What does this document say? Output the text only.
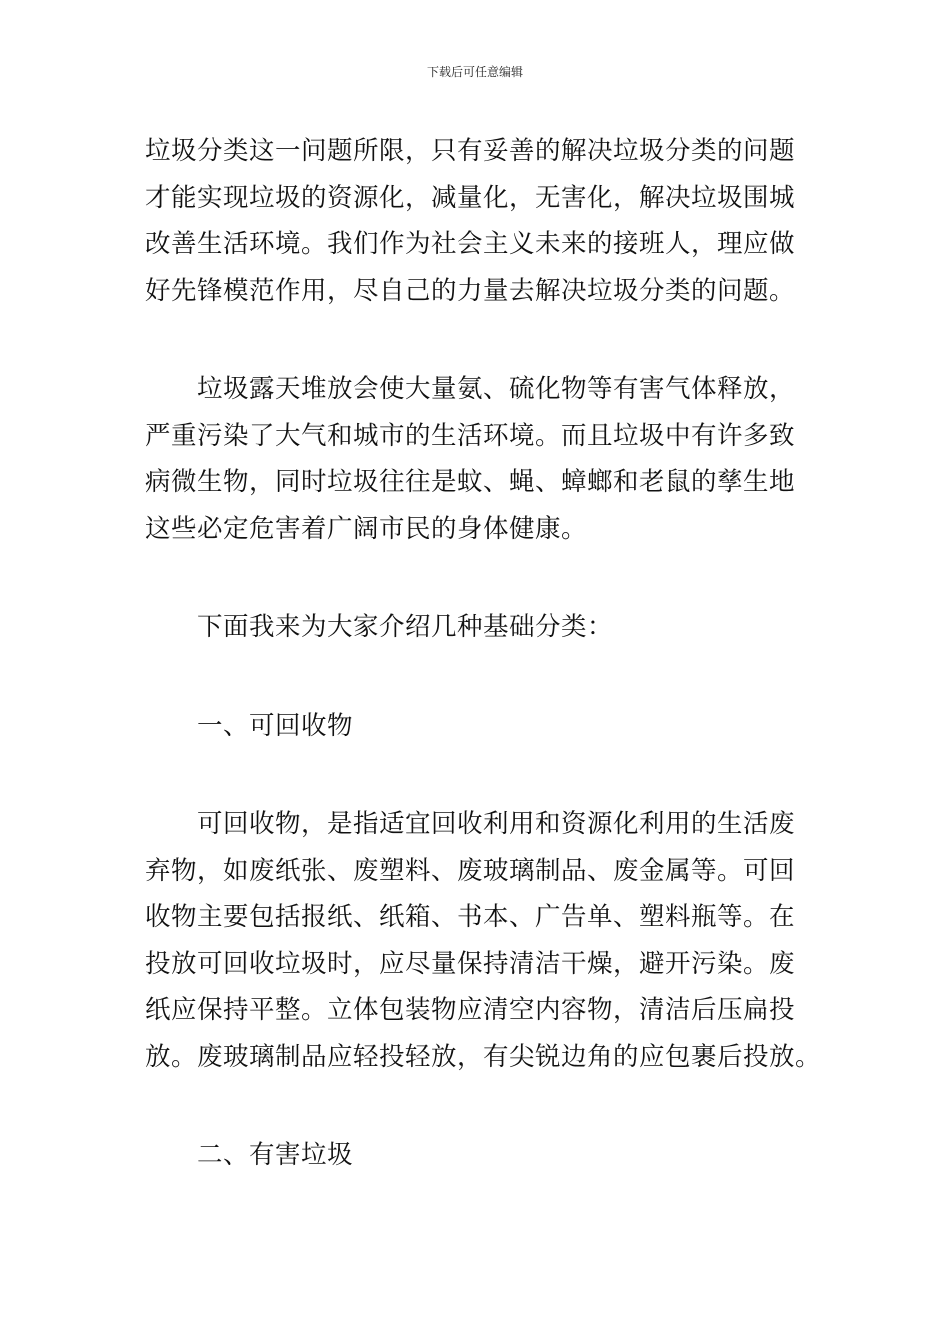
下载后可任意编辑

垃圾分类这一问题所限，只有妥善的解决垃圾分类的问题
才能实现垃圾的资源化，减量化，无害化，解决垃圾围城
改善生活环境。我们作为社会主义未来的接班人，理应做
好先锋模范作用，尽自己的力量去解决垃圾分类的问题。

垃圾露天堆放会使大量氨、硫化物等有害气体释放，
严重污染了大气和城市的生活环境。而且垃圾中有许多致
病微生物，同时垃圾往往是蚊、蝇、蟑螂和老鼠的孳生地
这些必定危害着广阔市民的身体健康。

下面我来为大家介绍几种基础分类：

一、可回收物

可回收物，是指适宜回收利用和资源化利用的生活废
弃物，如废纸张、废塑料、废玻璃制品、废金属等。可回
收物主要包括报纸、纸箱、书本、广告单、塑料瓶等。在
投放可回收垃圾时，应尽量保持清洁干燥，避开污染。废
纸应保持平整。立体包装物应清空内容物，清洁后压扁投
放。废玻璃制品应轻投轻放，有尖锐边角的应包裹后投放。

二、有害垃圾
